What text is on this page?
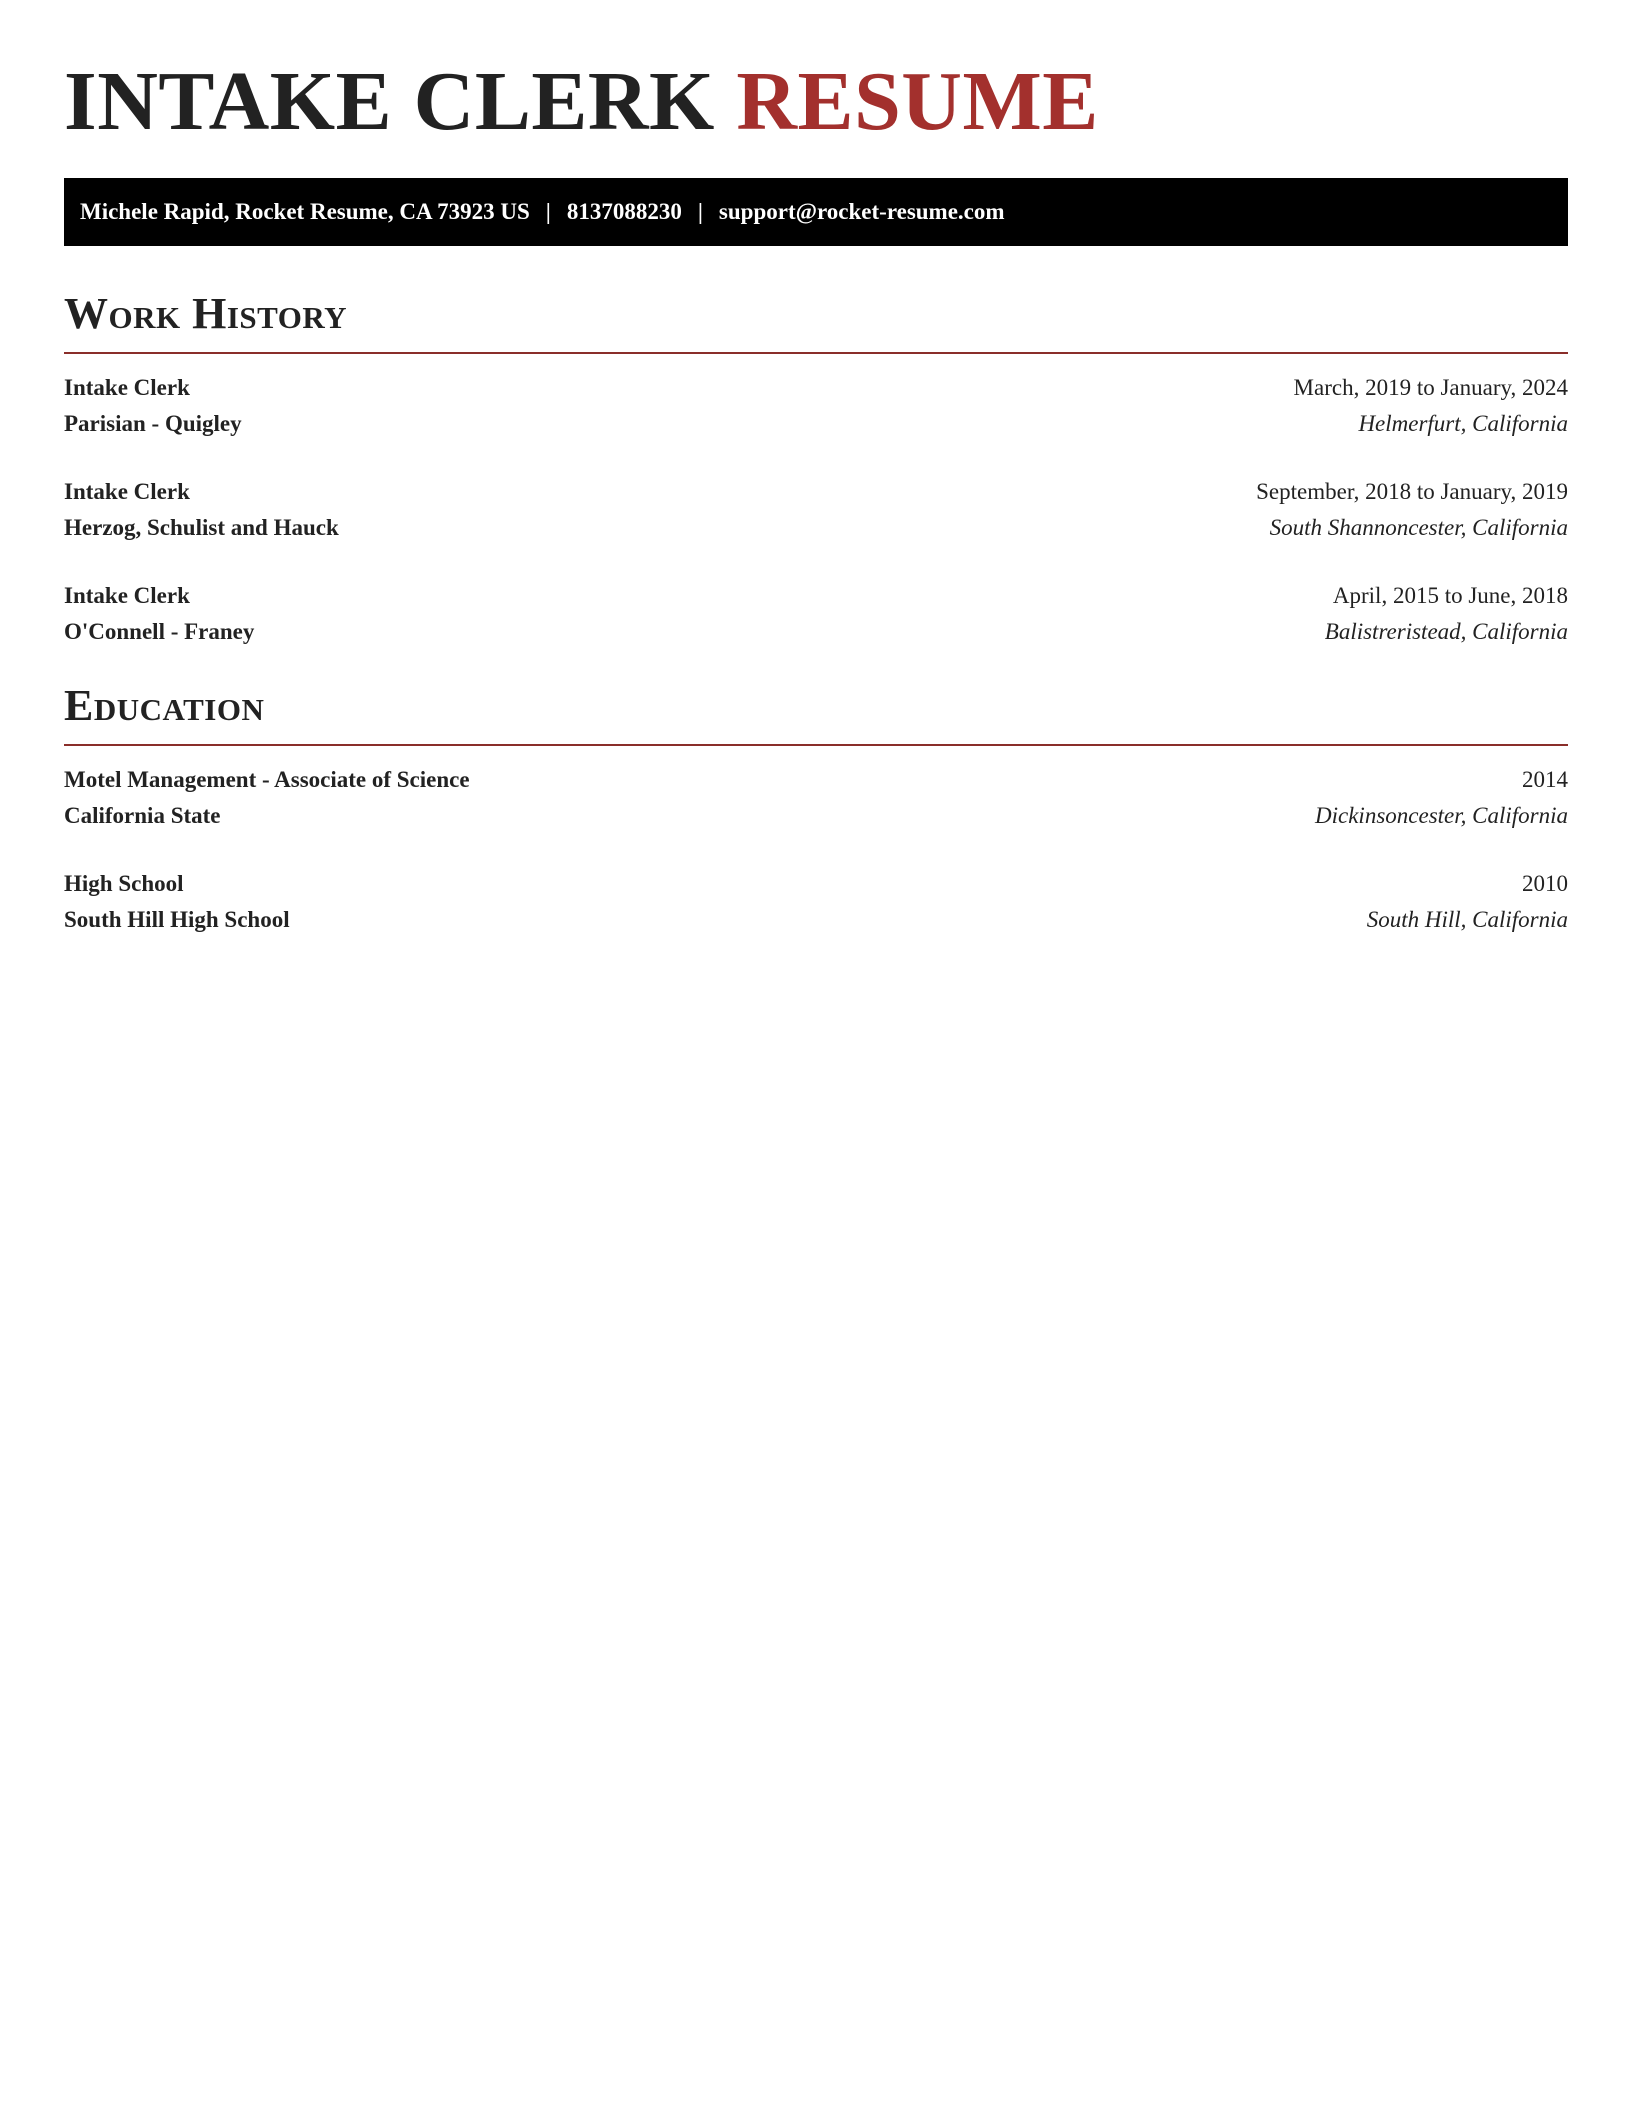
INTAKE CLERK RESUME
Michele Rapid, Rocket Resume, CA 73923 US | 8137088230 | support@rocket-resume.com
Work History
Intake Clerk	March, 2019 to January, 2024
Parisian - Quigley	Helmerfurt, California
Intake Clerk	September, 2018 to January, 2019
Herzog, Schulist and Hauck	South Shannoncester, California
Intake Clerk	April, 2015 to June, 2018
O'Connell - Franey	Balistreristead, California
Education
Motel Management - Associate of Science	2014
California State	Dickinsoncester, California
High School	2010
South Hill High School	South Hill, California
